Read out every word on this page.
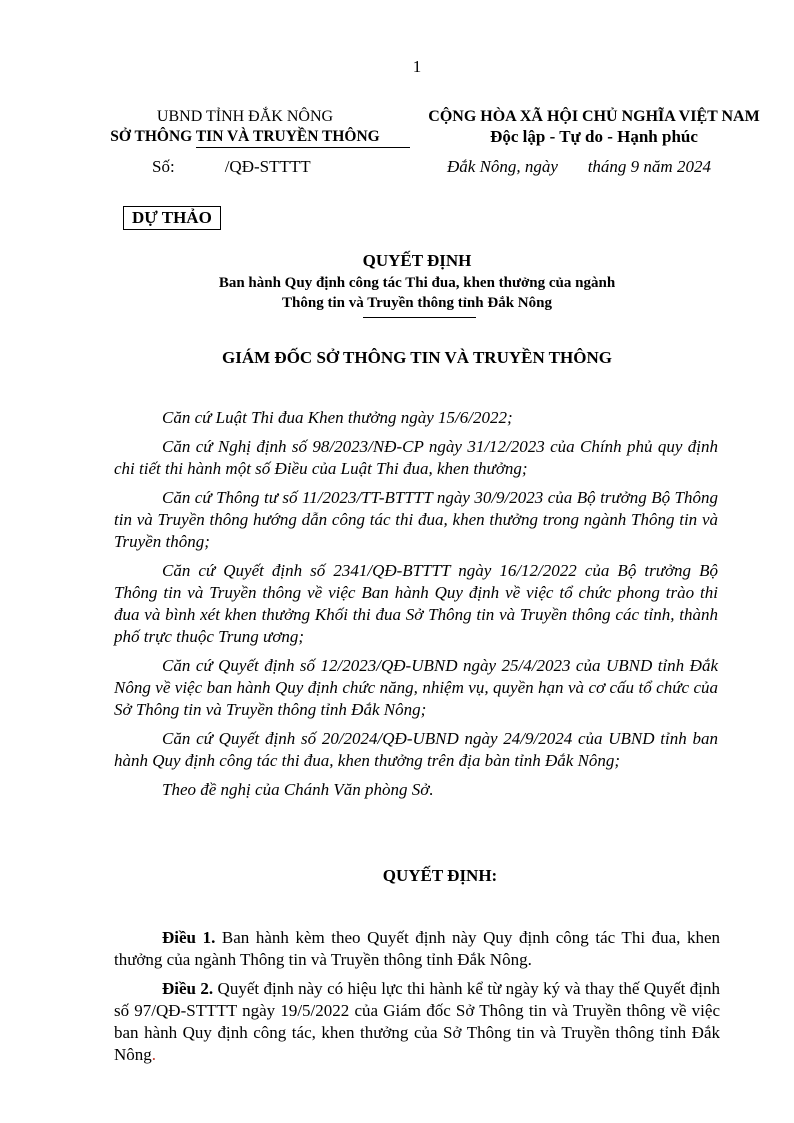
1
UBND TỈNH ĐẮK NÔNG
SỞ THÔNG TIN VÀ TRUYỀN THÔNG
CỘNG HÒA XÃ HỘI CHỦ NGHĨA VIỆT NAM
Độc lập - Tự do - Hạnh phúc
Số:	/QĐ-STTTT	Đắk Nông, ngày       tháng 9 năm 2024
DỰ THẢO
QUYẾT ĐỊNH
Ban hành Quy định công tác Thi đua, khen thưởng của ngành
Thông tin và Truyền thông tỉnh Đắk Nông
GIÁM ĐỐC SỞ THÔNG TIN VÀ TRUYỀN THÔNG

Căn cứ Luật Thi đua Khen thưởng ngày 15/6/2022;

Căn cứ Nghị định số 98/2023/NĐ-CP ngày 31/12/2023 của Chính phủ quy định chi tiết thi hành một số Điều của Luật Thi đua, khen thưởng;

Căn cứ Thông tư số 11/2023/TT-BTTTT ngày 30/9/2023 của Bộ trưởng Bộ Thông tin và Truyền thông hướng dẫn công tác thi đua, khen thưởng trong ngành Thông tin và Truyền thông;

Căn cứ Quyết định số 2341/QĐ-BTTTT ngày 16/12/2022 của Bộ trưởng Bộ Thông tin và Truyền thông về việc Ban hành Quy định về việc tổ chức phong trào thi đua và bình xét khen thưởng Khối thi đua Sở Thông tin và Truyền thông các tỉnh, thành phố trực thuộc Trung ương;

Căn cứ Quyết định số 12/2023/QĐ-UBND ngày 25/4/2023 của UBND tỉnh Đắk Nông về việc ban hành Quy định chức năng, nhiệm vụ, quyền hạn và cơ cấu tổ chức của Sở Thông tin và Truyền thông tỉnh Đắk Nông;

Căn cứ Quyết định số 20/2024/QĐ-UBND ngày 24/9/2024 của UBND tỉnh ban hành Quy định công tác thi đua, khen thưởng trên địa bàn tỉnh Đắk Nông;

Theo đề nghị của Chánh Văn phòng Sở.

QUYẾT ĐỊNH:

Điều 1. Ban hành kèm theo Quyết định này Quy định công tác Thi đua, khen thưởng của ngành Thông tin và Truyền thông tỉnh Đắk Nông.

Điều 2. Quyết định này có hiệu lực thi hành kể từ ngày ký và thay thế Quyết định số 97/QĐ-STTTT ngày 19/5/2022 của Giám đốc Sở Thông tin và Truyền thông về việc ban hành Quy định công tác, khen thưởng của Sở Thông tin và Truyền thông tỉnh Đắk Nông.
